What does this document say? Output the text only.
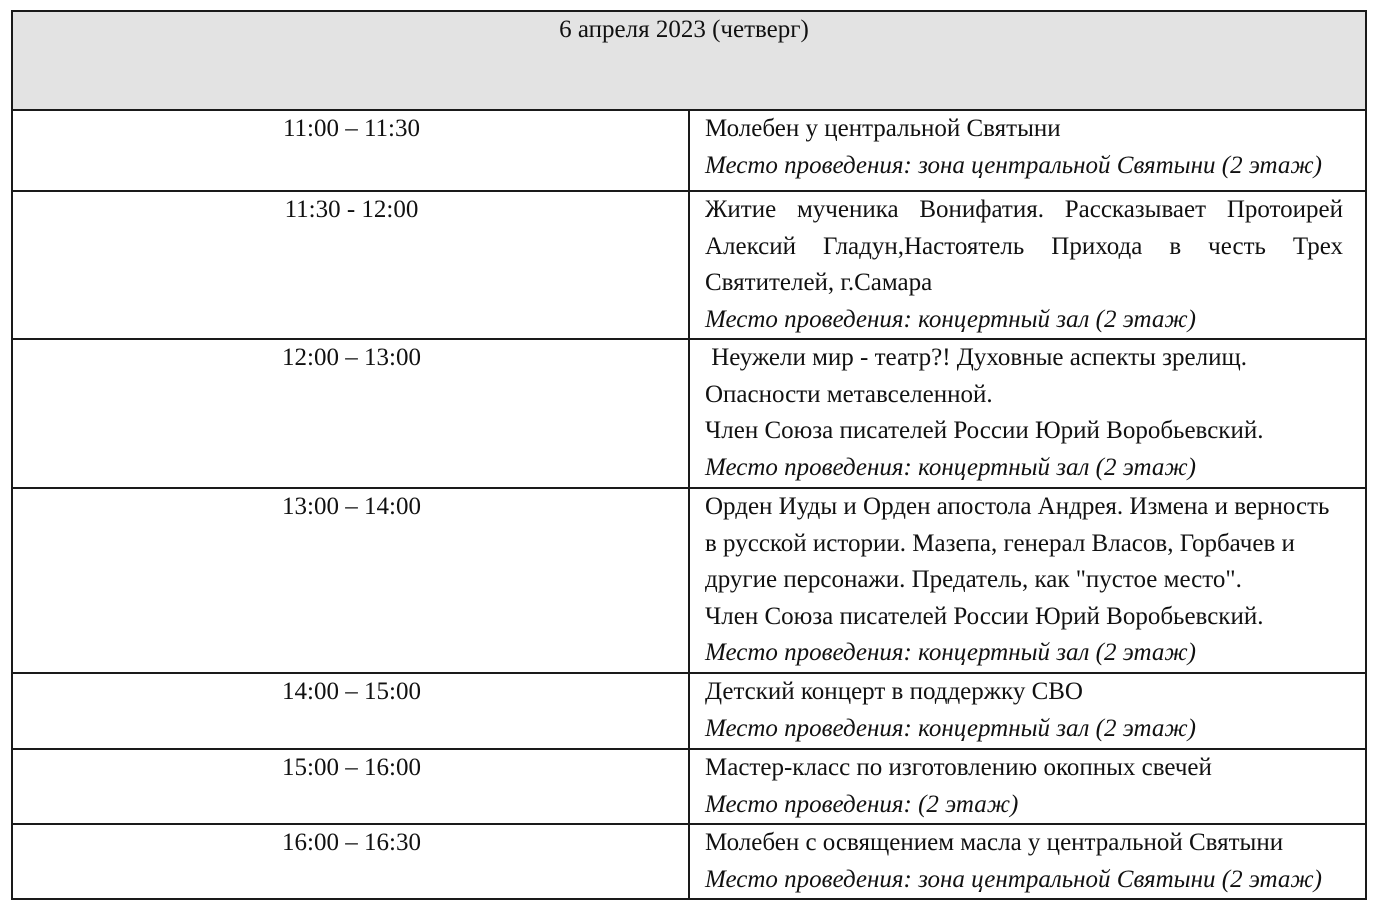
6 апреля 2023 (четверг)	
11:00 – 11:30	Молебен у центральной Святыни
Место проведения: зона центральной Святыни (2 этаж)

11:30 - 12:00	Житие мученика Вонифатия. Рассказывает Протоирей Алексий Гладун,Настоятель Прихода в честь Трех Святителей, г.Самара
Место проведения: концертный зал (2 этаж)

12:00 – 13:00	Неужели мир - театр?! Духовные аспекты зрелищ. Опасности метавселенной.
Член Союза писателей России Юрий Воробьевский.
Место проведения: концертный зал (2 этаж)

13:00 – 14:00	Орден Иуды и Орден апостола Андрея. Измена и верность в русской истории. Мазепа, генерал Власов, Горбачев и другие персонажи. Предатель, как "пустое место".
Член Союза писателей России Юрий Воробьевский.  Место проведения: концертный зал (2 этаж)

14:00 – 15:00	Детский концерт в поддержку СВО
Место проведения: концертный зал (2 этаж)

15:00 – 16:00	Мастер-класс по изготовлению окопных свечей
Место проведения: (2 этаж)

16:00 – 16:30	Молебен с освящением масла у центральной Святыни
Место проведения: зона центральной Святыни (2 этаж)
